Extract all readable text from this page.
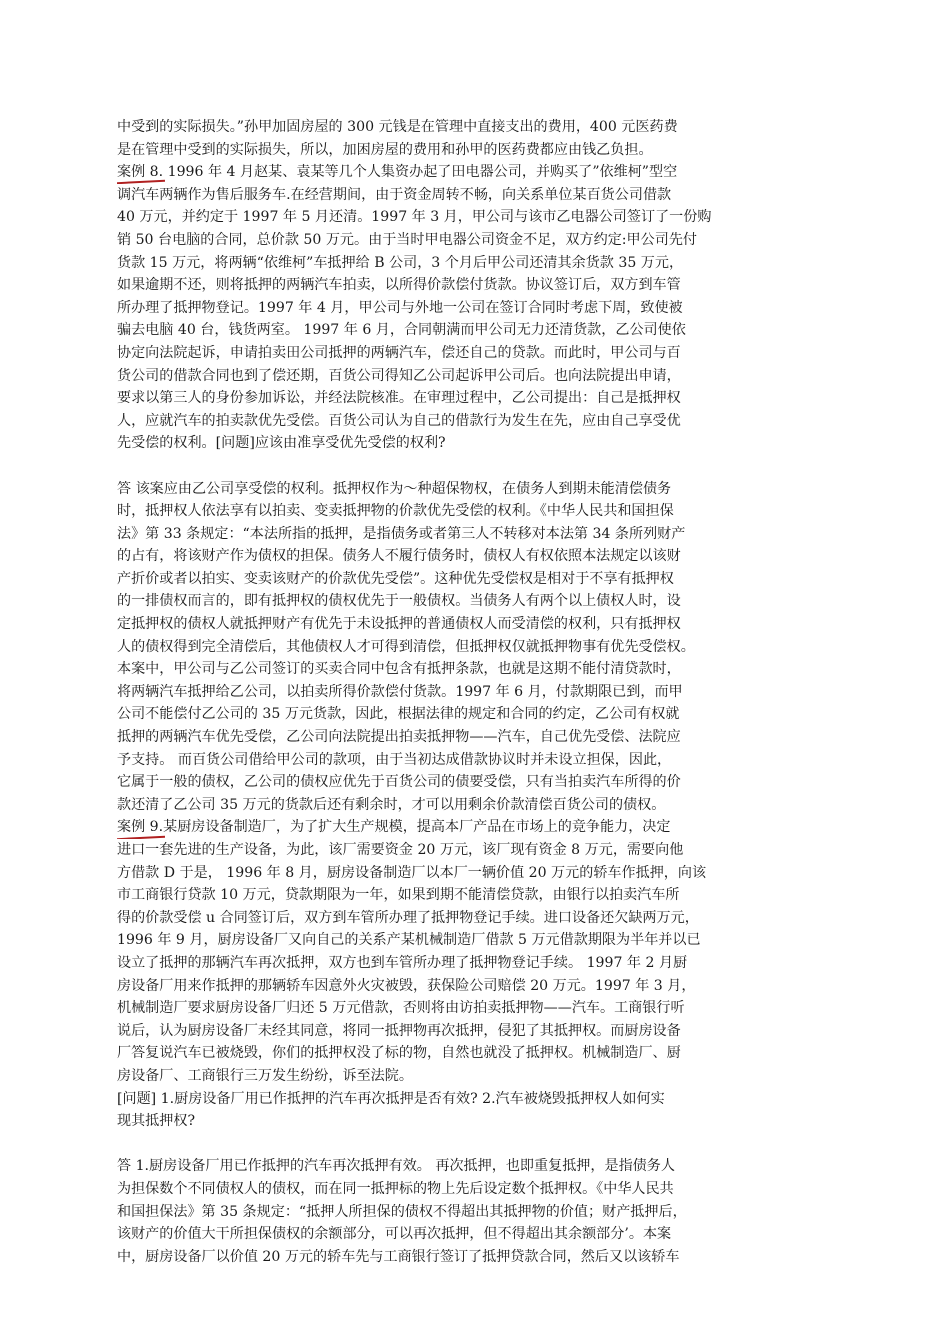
中受到的实际损失。”孙甲加固房屋的 300 元钱是在管理中直接支出的费用，400 元医药费
是在管理中受到的实际损失，所以，加困房屋的费用和孙甲的医药费都应由钱乙负担。
案例 8. 1996 年 4 月赵某、袁某等几个人集资办起了田电器公司，并购买了”依维柯”型空
调汽车两辆作为售后服务车.在经营期间，由于资金周转不畅，向关系单位某百货公司借款
40 万元，并约定于 1997 年 5 月还清。1997 年 3 月，甲公司与该市乙电器公司签订了一份购
销 50 台电脑的合同，总价款 50 万元。由于当时甲电器公司资金不足，双方约定:甲公司先付
货款 15 万元，将两辆“依维柯”车抵押给 B 公司，3 个月后甲公司还清其余货款 35 万元，
如果逾期不还，则将抵押的两辆汽车拍卖，以所得价款偿付货款。协议签订后，双方到车管
所办理了抵押物登记。1997 年 4 月，甲公司与外地一公司在签订合同时考虑下周，致使被
骗去电脑 40 台，钱货两室。 1997 年 6 月，合同朝满而甲公司无力还清货款，乙公司使依
协定向法院起诉，申请拍卖田公司抵押的两辆汽车，偿还自己的贷款。而此时，甲公司与百
货公司的借款合同也到了偿还期，百货公司得知乙公司起诉甲公司后。也向法院提出申请，
要求以第三人的身份参加诉讼，并经法院核准。在审理过程中，乙公司提出：自己是抵押权
人，应就汽车的拍卖款优先受偿。百货公司认为自己的借款行为发生在先，应由自己享受优
先受偿的权利。[问题]应该由准享受优先受偿的权利?
答 该案应由乙公司享受偿的权利。抵押权作为～种超保物权，在债务人到期未能清偿债务
时，抵押权人依法享有以拍卖、变卖抵押物的价款优先受偿的权利。《中华人民共和国担保
法》第 33 条规定：“本法所指的抵押，是指债务或者第三人不转移对本法第 34 条所列财产
的占有，将该财产作为债权的担保。债务人不履行债务时，债权人有权依照本法规定以该财
产折价或者以拍实、变卖该财产的价款优先受偿”。这种优先受偿权是相对于不享有抵押权
的一排债权而言的，即有抵押权的债权优先于一般债权。当债务人有两个以上债权人时，设
定抵押权的债权人就抵押财产有优先于未设抵押的普通债权人而受清偿的权利，只有抵押权
人的债权得到完全清偿后，其他债权人才可得到清偿，但抵押权仅就抵押物事有优先受偿权。
本案中，甲公司与乙公司签订的买卖合同中包含有抵押条款，也就是这期不能付清贷款时，
将两辆汽车抵押给乙公司，以拍卖所得价款偿付货款。1997 年 6 月，付款期限已到，而甲
公司不能偿付乙公司的 35 万元货款，因此，根据法律的规定和合同的约定，乙公司有权就
抵押的两辆汽车优先受偿，乙公司向法院提出拍卖抵押物——汽车，自己优先受偿、法院应
予支持。 而百货公司借给甲公司的款项，由于当初达成借款协议时并未设立担保，因此，
它属于一般的债权，乙公司的债权应优先于百货公司的债要受偿，只有当拍卖汽车所得的价
款还清了乙公司 35 万元的货款后还有剩余时，才可以用剩余价款清偿百货公司的债权。
案例 9.某厨房设备制造厂，为了扩大生产规模，提高本厂产品在市场上的竞争能力，决定
进口一套先进的生产设备，为此，该厂需要资金 20 万元，该厂现有资金 8 万元，需要向他
方借款 D 于是， 1996 年 8 月，厨房设备制造厂以本厂一辆价值 20 万元的轿车作抵押，向该
市工商银行贷款 10 万元，贷款期限为一年，如果到期不能清偿贷款，由银行以拍卖汽车所
得的价款受偿 u 合同签订后，双方到车管所办理了抵押物登记手续。进口设备还欠缺两万元，
1996 年 9 月，厨房设备厂又向自己的关系产某机械制造厂借款 5 万元借款期限为半年并以已
设立了抵押的那辆汽车再次抵押，双方也到车管所办理了抵押物登记手续。 1997 年 2 月厨
房设备厂用来作抵押的那辆轿车因意外火灾被毁，获保险公司赔偿 20 万元。1997 年 3 月，
机械制造厂要求厨房设备厂归还 5 万元借款，否则将由访拍卖抵押物——汽车。工商银行听
说后，认为厨房设备厂未经其同意，将同一抵押物再次抵押，侵犯了其抵押权。而厨房设备
厂答复说汽车已被烧毁，你们的抵押权没了标的物，自然也就没了抵押权。机械制造厂、厨
房设备厂、工商银行三万发生纷纷，诉至法院。
[问题] 1.厨房设备厂用已作抵押的汽车再次抵押是否有效? 2.汽车被烧毁抵押权人如何实
现其抵押权?
答 1.厨房设备厂用已作抵押的汽车再次抵押有效。 再次抵押，也即重复抵押，是指债务人
为担保数个不同债权人的债权，而在同一抵押标的物上先后设定数个抵押权。《中华人民共
和国担保法》第 35 条规定：“抵押人所担保的债权不得超出其抵押物的价值；财产抵押后，
该财产的价值大干所担保债权的余额部分，可以再次抵押，但不得超出其余额部分’。本案
中，厨房设备厂以价值 20 万元的轿车先与工商银行签订了抵押贷款合同，然后又以该轿车
